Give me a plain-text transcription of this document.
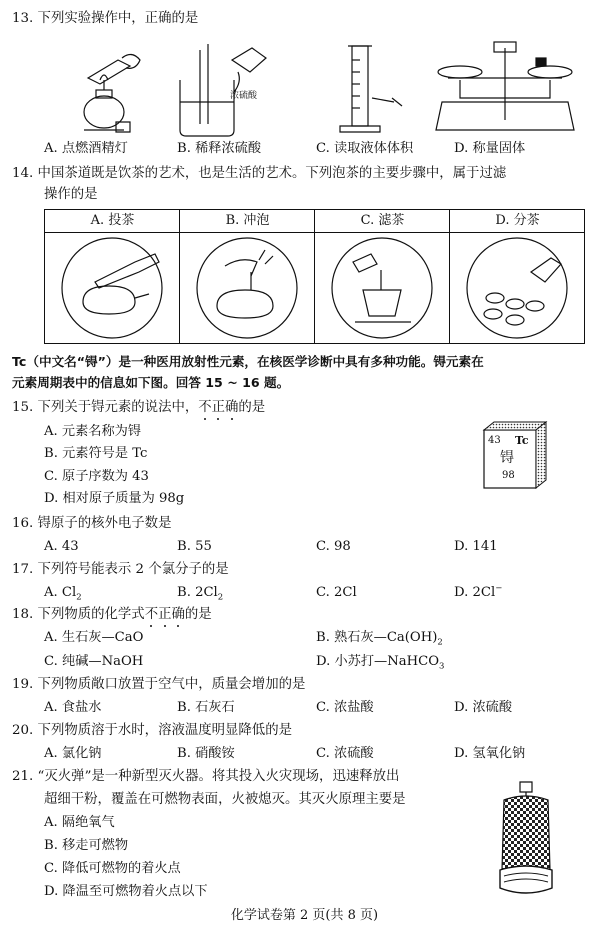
13. 下列实验操作中，正确的是
浓硫酸
A. 点燃酒精灯	B. 稀释浓硫酸	C. 读取液体体积	D. 称量固体
14. 中国茶道既是饮茶的艺术，也是生活的艺术。下列泡茶的主要步骤中，属于过滤
操作的是
A. 投茶	B. 冲泡	C. 滤茶	D. 分茶
Tc（中文名“锝”）是一种医用放射性元素，在核医学诊断中具有多种功能。锝元素在
元素周期表中的信息如下图。回答 15 ~ 16 题。
15. 下列关于锝元素的说法中，不正确的是
A. 元素名称为锝
B. 元素符号是 Tc
C. 原子序数为 43
D. 相对原子质量为 98g
43 Tc
锝
98
16. 锝原子的核外电子数是
A. 43	B. 55	C. 98	D. 141
17. 下列符号能表示 2 个氯分子的是
A. $Cl_2$	B. $2Cl_2$	C. 2Cl	D. 2Cl−
18. 下列物质的化学式不正确的是
A. 生石灰—CaO	B. 熟石灰$—Ca(OH)_2$
C. 纯碱—NaOH	D. 小苏打—NaHCO$_3$
19. 下列物质敞口放置于空气中，质量会增加的是
A. 食盐水	B. 石灰石	C. 浓盐酸	D. 浓硫酸
20. 下列物质溶于水时，溶液温度明显降低的是
A. 氯化钠	B. 硝酸铵	C. 浓硫酸	D. 氢氧化钠
21. “灭火弹”是一种新型灭火器。将其投入火灾现场，迅速释放出
超细干粉，覆盖在可燃物表面，火被熄灭。其灭火原理主要是
A. 隔绝氧气
B. 移走可燃物
C. 降低可燃物的着火点
D. 降温至可燃物着火点以下
化学试卷第 2 页(共 8 页)
